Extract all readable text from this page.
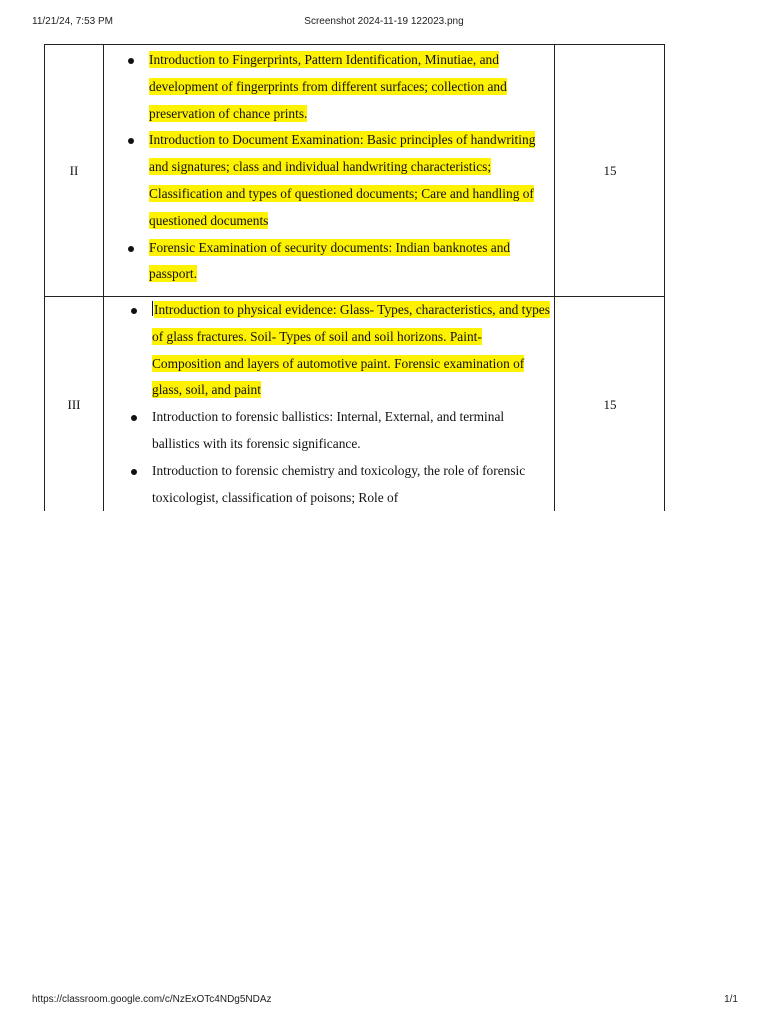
11/21/24, 7:53 PM	Screenshot 2024-11-19 122023.png
II
Introduction to Fingerprints, Pattern Identification, Minutiae, and development of fingerprints from different surfaces; collection and preservation of chance prints.
Introduction to Document Examination: Basic principles of handwriting and signatures; class and individual handwriting characteristics; Classification and types of questioned documents; Care and handling of questioned documents
Forensic Examination of security documents: Indian banknotes and passport.
15
III
Introduction to physical evidence: Glass- Types, characteristics, and types of glass fractures. Soil- Types of soil and soil horizons. Paint- Composition and layers of automotive paint. Forensic examination of glass, soil, and paint
Introduction to forensic ballistics: Internal, External, and terminal ballistics with its forensic significance.
Introduction to forensic chemistry and toxicology, the role of forensic toxicologist, classification of poisons; Role of
15
https://classroom.google.com/c/NzExOTc4NDg5NDAz	1/1
